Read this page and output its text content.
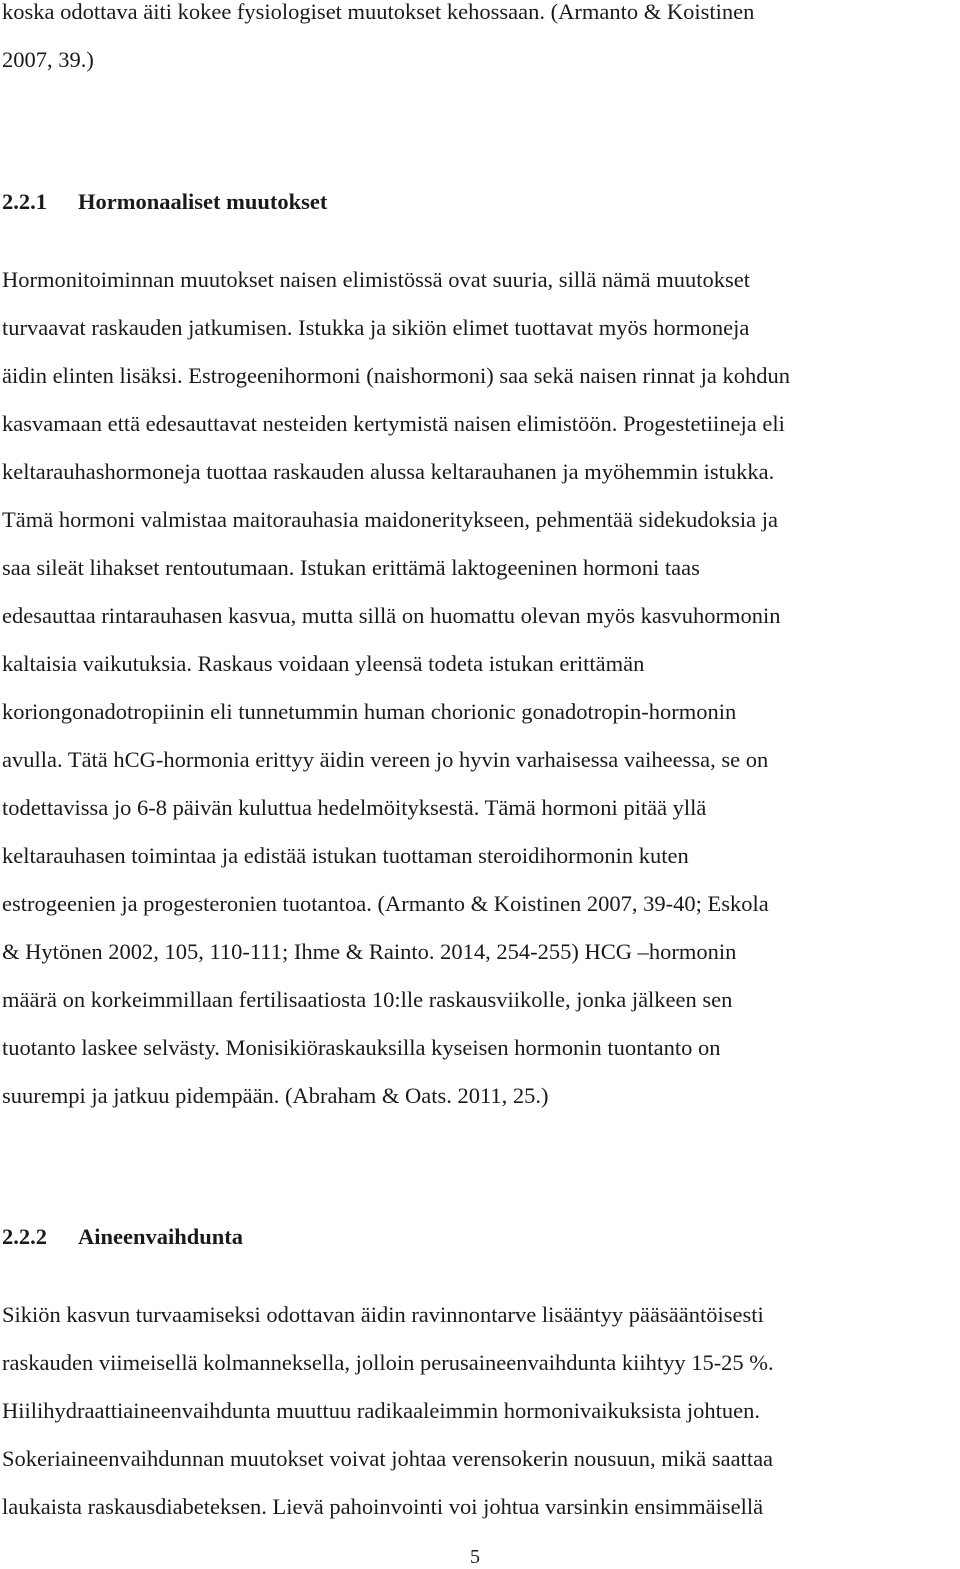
koska odottava äiti kokee fysiologiset muutokset kehossaan. (Armanto & Koistinen
2007, 39.)
2.2.1 Hormonaaliset muutokset
Hormonitoiminnan muutokset naisen elimistössä ovat suuria, sillä nämä muutokset
turvaavat raskauden jatkumisen. Istukka ja sikiön elimet tuottavat myös hormoneja
äidin elinten lisäksi. Estrogeenihormoni (naishormoni) saa sekä naisen rinnat ja kohdun
kasvamaan että edesauttavat nesteiden kertymistä naisen elimistöön. Progestetiineja eli
keltarauhashormoneja tuottaa raskauden alussa keltarauhanen ja myöhemmin istukka.
Tämä hormoni valmistaa maitorauhasia maidoneritykseen, pehmentää sidekudoksia ja
saa sileät lihakset rentoutumaan. Istukan erittämä laktogeeninen hormoni taas
edesauttaa rintarauhasen kasvua, mutta sillä on huomattu olevan myös kasvuhormonin
kaltaisia vaikutuksia. Raskaus voidaan yleensä todeta istukan erittämän
koriongonadotropiinin eli tunnetummin human chorionic gonadotropin-hormonin
avulla. Tätä hCG-hormonia erittyy äidin vereen jo hyvin varhaisessa vaiheessa, se on
todettavissa jo 6-8 päivän kuluttua hedelmöityksestä. Tämä hormoni pitää yllä
keltarauhasen toimintaa ja edistää istukan tuottaman steroidihormonin kuten
estrogeenien ja progesteronien tuotantoa. (Armanto & Koistinen 2007, 39-40; Eskola
& Hytönen 2002, 105, 110-111; Ihme & Rainto. 2014, 254-255) HCG –hormonin
määrä on korkeimmillaan fertilisaatiosta 10:lle raskausviikolle, jonka jälkeen sen
tuotanto laskee selvästy. Monisikiöraskauksilla kyseisen hormonin tuontanto on
suurempi ja jatkuu pidempään. (Abraham & Oats. 2011, 25.)
2.2.2 Aineenvaihdunta
Sikiön kasvun turvaamiseksi odottavan äidin ravinnontarve lisääntyy pääsääntöisesti
raskauden viimeisellä kolmanneksella, jolloin perusaineenvaihdunta kiihtyy 15-25 %.
Hiilihydraattiaineenvaihdunta muuttuu radikaaleimmin hormonivaikuksista johtuen.
Sokeriaineenvaihdunnan muutokset voivat johtaa verensokerin nousuun, mikä saattaa
laukaista raskausdiabeteksen. Lievä pahoinvointi voi johtua varsinkin ensimmäisellä
5
